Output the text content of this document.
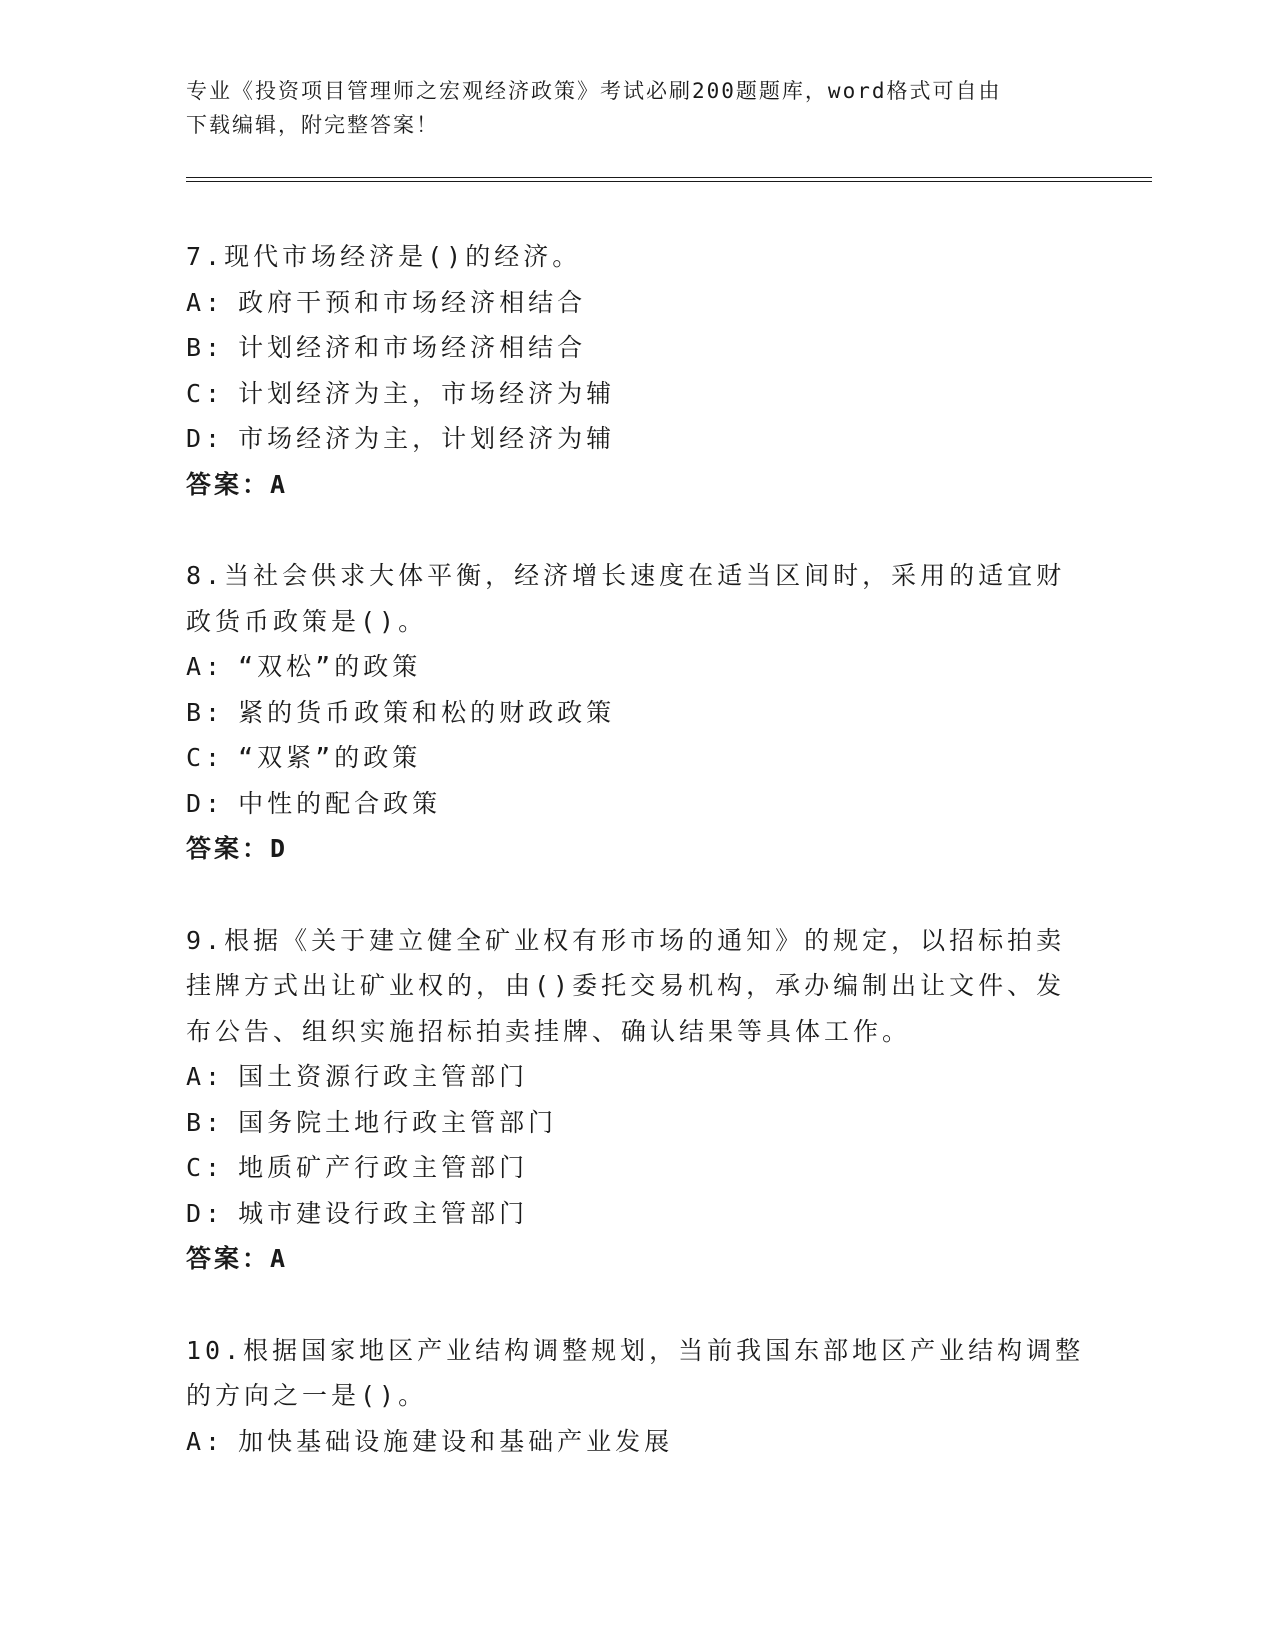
专业《投资项目管理师之宏观经济政策》考试必刷200题题库，word格式可自由
下载编辑，附完整答案！

7.现代市场经济是()的经济。

A: 政府干预和市场经济相结合

B: 计划经济和市场经济相结合

C: 计划经济为主，市场经济为辅

D: 市场经济为主，计划经济为辅

答案：A

8.当社会供求大体平衡，经济增长速度在适当区间时，采用的适宜财政货币政策是()。

A: “双松”的政策

B: 紧的货币政策和松的财政政策

C: “双紧”的政策

D: 中性的配合政策

答案：D

9.根据《关于建立健全矿业权有形市场的通知》的规定，以招标拍卖挂牌方式出让矿业权的，由()委托交易机构，承办编制出让文件、发布公告、组织实施招标拍卖挂牌、确认结果等具体工作。

A: 国土资源行政主管部门

B: 国务院土地行政主管部门

C: 地质矿产行政主管部门

D: 城市建设行政主管部门

答案：A

10.根据国家地区产业结构调整规划，当前我国东部地区产业结构调整的方向之一是()。

A: 加快基础设施建设和基础产业发展
